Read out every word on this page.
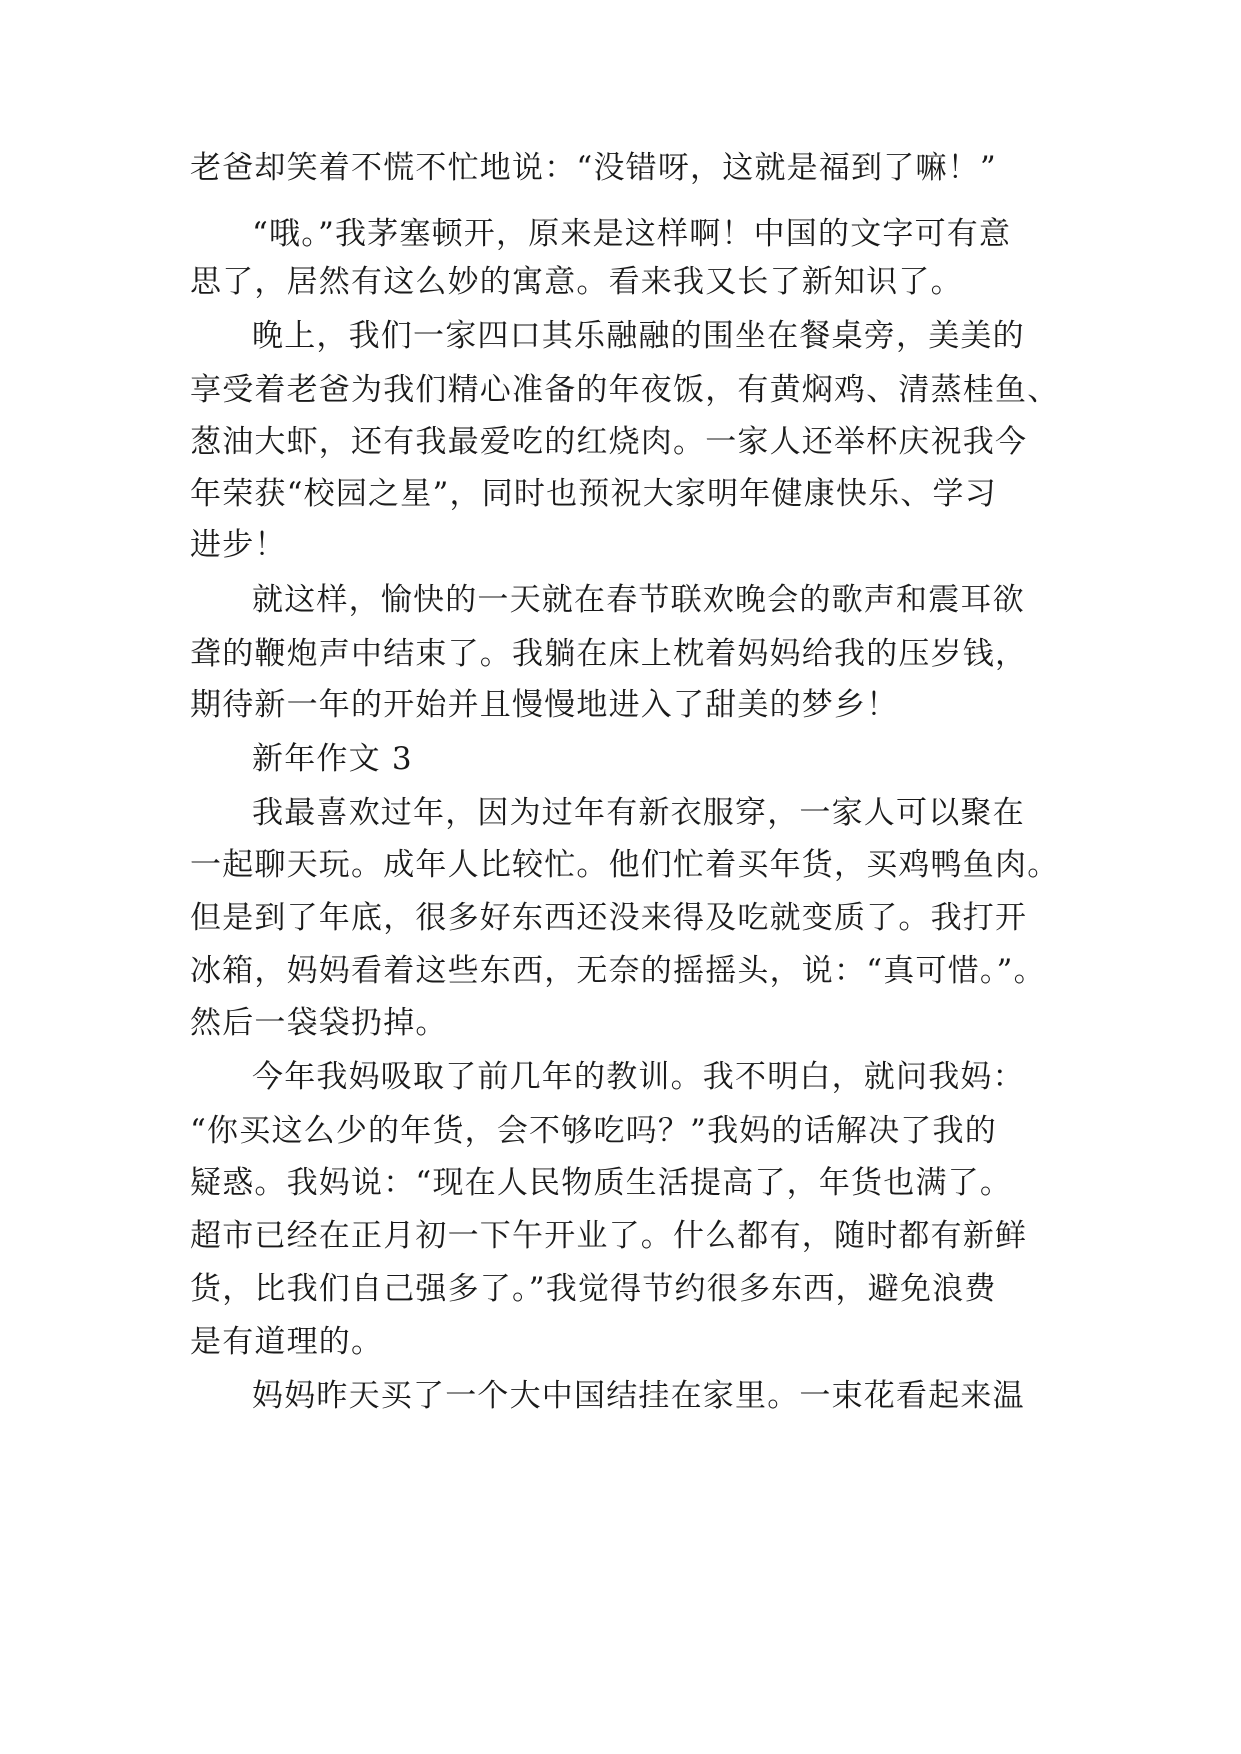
老爸却笑着不慌不忙地说：“没错呀，这就是福到了嘛！”
“哦。”我茅塞顿开，原来是这样啊！中国的文字可有意
思了，居然有这么妙的寓意。看来我又长了新知识了。
晚上，我们一家四口其乐融融的围坐在餐桌旁，美美的
享受着老爸为我们精心准备的年夜饭，有黄焖鸡、清蒸桂鱼、
葱油大虾，还有我最爱吃的红烧肉。一家人还举杯庆祝我今
年荣获“校园之星”，同时也预祝大家明年健康快乐、学习
进步！
就这样，愉快的一天就在春节联欢晚会的歌声和震耳欲
聋的鞭炮声中结束了。我躺在床上枕着妈妈给我的压岁钱，
期待新一年的开始并且慢慢地进入了甜美的梦乡！
新年作文 3
我最喜欢过年，因为过年有新衣服穿，一家人可以聚在
一起聊天玩。成年人比较忙。他们忙着买年货，买鸡鸭鱼肉。
但是到了年底，很多好东西还没来得及吃就变质了。我打开
冰箱，妈妈看着这些东西，无奈的摇摇头，说：“真可惜。”。
然后一袋袋扔掉。
今年我妈吸取了前几年的教训。我不明白，就问我妈：
“你买这么少的年货，会不够吃吗？”我妈的话解决了我的
疑惑。我妈说：“现在人民物质生活提高了，年货也满了。
超市已经在正月初一下午开业了。什么都有，随时都有新鲜
货，比我们自己强多了。”我觉得节约很多东西，避免浪费
是有道理的。
妈妈昨天买了一个大中国结挂在家里。一束花看起来温
